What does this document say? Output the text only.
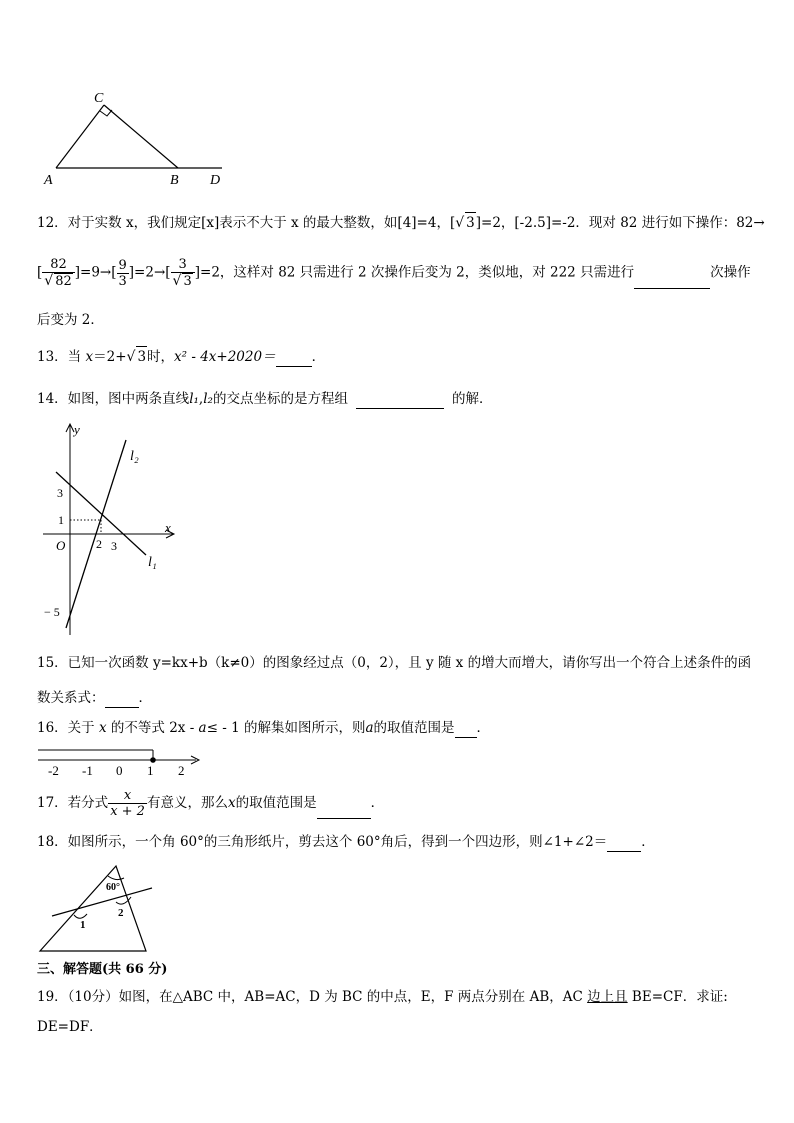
C
A	B D
12．对于实数 x，我们规定[x]表示不大于 x 的最大整数，如[4]=4，[√ 3]=2，[-2.5]=-2．现对 82 进行如下操作：82→
[ $\frac{82}{√ 82} ]=9\to[ \frac{9}{3} ]=2\to[ \frac{3}{√ 3} ]=2$，这样对 82 只需进行 2 次操作后变为 2，类似地，对 222 只需进行	次操作
后变为 2．
13．当 x＝2+√ 3时，x² - 4x+2020＝	．
14．如图，图中两条直线l₁,l₂的交点坐标的是方程组	的解．
y
x
O
3
1
2 3
− 5
l₂
l₁
15．已知一次函数 y=kx+b（k≠0）的图象经过点（0，2），且 y 随 x 的增大而增大，请你写出一个符合上述条件的函
数关系式：	．
16．关于 x 的不等式 2x - a≤ - 1 的解集如图所示，则a的取值范围是 ．
-2 -1 0 1 2
17．若分式 $\frac{x}{x + 2}$ 有意义，那么x的取值范围是	．
18．如图所示，一个角 60°的三角形纸片，剪去这个 60°角后，得到一个四边形，则∠1+∠2＝	．
60°
1
2
三、解答题(共 66 分)
19．（10分）如图，在△ABC 中，AB=AC，D 为 BC 的中点，E，F 两点分别在 AB，AC 边上且 BE=CF．求证:
DE=DF．
